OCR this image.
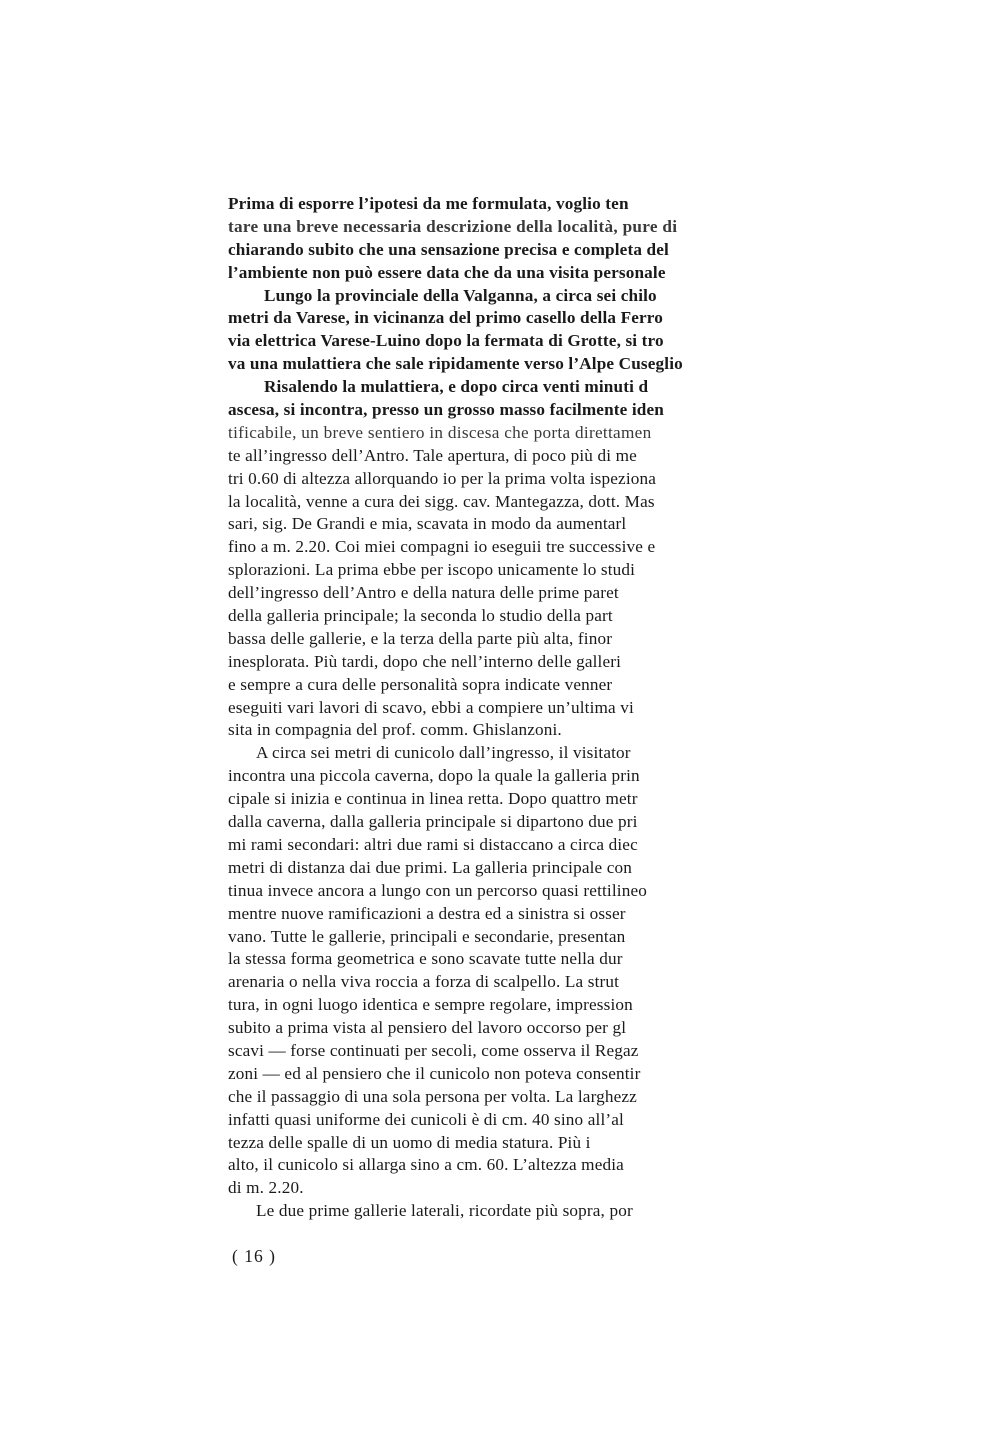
Prima di esporre l’ipotesi da me formulata, voglio ten
tare una breve necessaria descrizione della località, pure di
chiarando subito che una sensazione precisa e completa del
l’ambiente non può essere data che da una visita personale
Lungo la provinciale della Valganna, a circa sei chilo
metri da Varese, in vicinanza del primo casello della Ferro
via elettrica Varese-Luino dopo la fermata di Grotte, si tro
va una mulattiera che sale ripidamente verso l’Alpe Cuseglio
Risalendo la mulattiera, e dopo circa venti minuti d
ascesa, si incontra, presso un grosso masso facilmente iden
tificabile, un breve sentiero in discesa che porta direttamen
te all’ingresso dell’Antro. Tale apertura, di poco più di me
tri 0.60 di altezza allorquando io per la prima volta ispeziona
la località, venne a cura dei sigg. cav. Mantegazza, dott. Mas
sari, sig. De Grandi e mia, scavata in modo da aumentarl
fino a m. 2.20. Coi miei compagni io eseguii tre successive e
splorazioni. La prima ebbe per iscopo unicamente lo studi
dell’ingresso dell’Antro e della natura delle prime paret
della galleria principale; la seconda lo studio della part
bassa delle gallerie, e la terza della parte più alta, finor
inesplorata. Più tardi, dopo che nell’interno delle galleri
e sempre a cura delle personalità sopra indicate venner
eseguiti vari lavori di scavo, ebbi a compiere un’ultima vi
sita in compagnia del prof. comm. Ghislanzoni.
A circa sei metri di cunicolo dall’ingresso, il visitator
incontra una piccola caverna, dopo la quale la galleria prin
cipale si inizia e continua in linea retta. Dopo quattro metr
dalla caverna, dalla galleria principale si dipartono due pri
mi rami secondari: altri due rami si distaccano a circa diec
metri di distanza dai due primi. La galleria principale con
tinua invece ancora a lungo con un percorso quasi rettilineo
mentre nuove ramificazioni a destra ed a sinistra si osser
vano. Tutte le gallerie, principali e secondarie, presentan
la stessa forma geometrica e sono scavate tutte nella dur
arenaria o nella viva roccia a forza di scalpello. La strut
tura, in ogni luogo identica e sempre regolare, impression
subito a prima vista al pensiero del lavoro occorso per gl
scavi — forse continuati per secoli, come osserva il Regaz
zoni — ed al pensiero che il cunicolo non poteva consentir
che il passaggio di una sola persona per volta. La larghezz
infatti quasi uniforme dei cunicoli è di cm. 40 sino all’al
tezza delle spalle di un uomo di media statura. Più i
alto, il cunicolo si allarga sino a cm. 60. L’altezza media
di m. 2.20.
Le due prime gallerie laterali, ricordate più sopra, por
( 16 )
